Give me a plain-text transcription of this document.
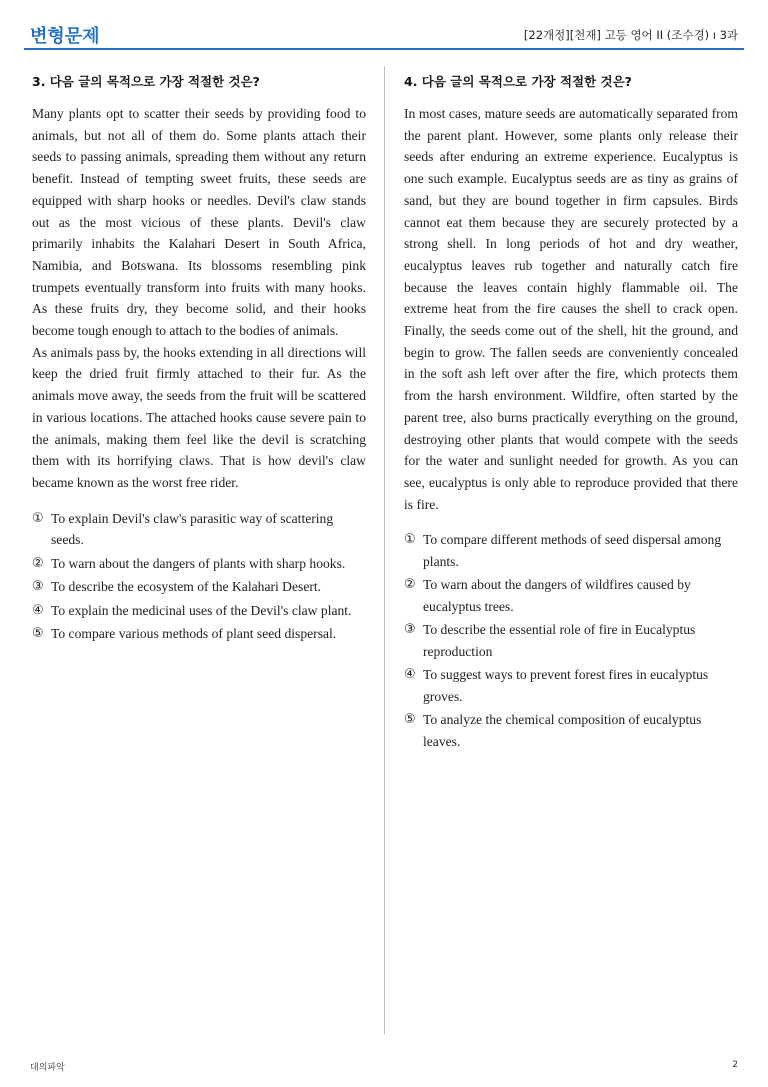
변형문제	[22개정][천재] 고등 영어 II (조수경) ı 3과
3. 다음 글의 목적으로 가장 적절한 것은?

Many plants opt to scatter their seeds by providing food to animals, but not all of them do. Some plants attach their seeds to passing animals, spreading them without any return benefit. Instead of tempting sweet fruits, these seeds are equipped with sharp hooks or needles. Devil's claw stands out as the most vicious of these plants. Devil's claw primarily inhabits the Kalahari Desert in South Africa, Namibia, and Botswana. Its blossoms resembling pink trumpets eventually transform into fruits with many hooks. As these fruits dry, they become solid, and their hooks become tough enough to attach to the bodies of animals.

As animals pass by, the hooks extending in all directions will keep the dried fruit firmly attached to their fur. As the animals move away, the seeds from the fruit will be scattered in various locations. The attached hooks cause severe pain to the animals, making them feel like the devil is scratching them with its horrifying claws. That is how devil's claw became known as the worst free rider.

① To explain Devil's claw's parasitic way of scattering seeds.
② To warn about the dangers of plants with sharp hooks.
③ To describe the ecosystem of the Kalahari Desert.
④ To explain the medicinal uses of the Devil's claw plant.
⑤ To compare various methods of plant seed dispersal.
4. 다음 글의 목적으로 가장 적절한 것은?

In most cases, mature seeds are automatically separated from the parent plant. However, some plants only release their seeds after enduring an extreme experience. Eucalyptus is one such example. Eucalyptus seeds are as tiny as grains of sand, but they are bound together in firm capsules. Birds cannot eat them because they are securely protected by a strong shell. In long periods of hot and dry weather, eucalyptus leaves rub together and naturally catch fire because the leaves contain highly flammable oil. The extreme heat from the fire causes the shell to crack open. Finally, the seeds come out of the shell, hit the ground, and begin to grow. The fallen seeds are conveniently concealed in the soft ash left over after the fire, which protects them from the harsh environment. Wildfire, often started by the parent tree, also burns practically everything on the ground, destroying other plants that would compete with the seeds for the water and sunlight needed for growth. As you can see, eucalyptus is only able to reproduce provided that there is fire.

① To compare different methods of seed dispersal among plants.
② To warn about the dangers of wildfires caused by eucalyptus trees.
③ To describe the essential role of fire in Eucalyptus reproduction
④ To suggest ways to prevent forest fires in eucalyptus groves.
⑤ To analyze the chemical composition of eucalyptus leaves.
대의파악	2
